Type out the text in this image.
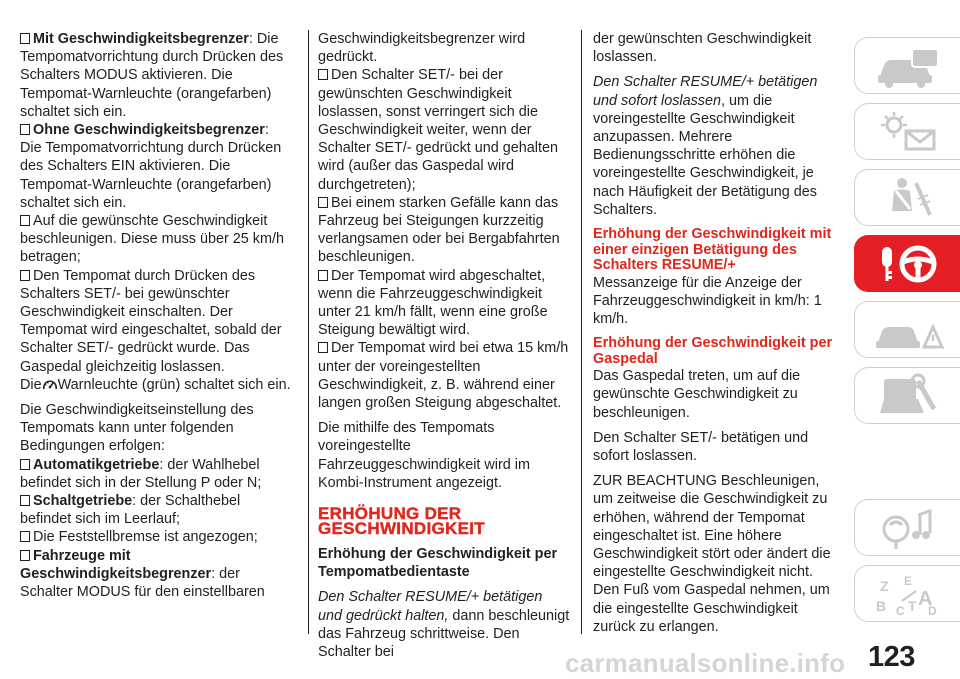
Mit Geschwindigkeitsbegrenzer: Die Tempomatvorrichtung durch Drücken des Schalters MODUS aktivieren. Die Tempomat-Warnleuchte (orangefarben) schaltet sich ein.

Ohne Geschwindigkeitsbegrenzer: Die Tempomatvorrichtung durch Drücken des Schalters EIN aktivieren. Die Tempomat-Warnleuchte (orangefarben) schaltet sich ein.

Auf die gewünschte Geschwindigkeit beschleunigen. Diese muss über 25 km/h betragen;

Den Tempomat durch Drücken des Schalters SET/- bei gewünschter Geschwindigkeit einschalten. Der Tempomat wird eingeschaltet, sobald der Schalter SET/- gedrückt wurde. Das Gaspedal gleichzeitig loslassen.

Die Warnleuchte (grün) schaltet sich ein.

Die Geschwindigkeitseinstellung des Tempomats kann unter folgenden Bedingungen erfolgen:

Automatikgetriebe: der Wahlhebel befindet sich in der Stellung P oder N;

Schaltgetriebe: der Schalthebel befindet sich im Leerlauf;

Die Feststellbremse ist angezogen;

Fahrzeuge mit Geschwindigkeitsbegrenzer: der Schalter MODUS für den einstellbaren

Geschwindigkeitsbegrenzer wird gedrückt.

Den Schalter SET/- bei der gewünschten Geschwindigkeit loslassen, sonst verringert sich die Geschwindigkeit weiter, wenn der Schalter SET/- gedrückt und gehalten wird (außer das Gaspedal wird durchgetreten);

Bei einem starken Gefälle kann das Fahrzeug bei Steigungen kurzzeitig verlangsamen oder bei Bergabfahrten beschleunigen.

Der Tempomat wird abgeschaltet, wenn die Fahrzeuggeschwindigkeit unter 21 km/h fällt, wenn eine große Steigung bewältigt wird.

Der Tempomat wird bei etwa 15 km/h unter der voreingestellten Geschwindigkeit, z. B. während einer langen großen Steigung abgeschaltet.

Die mithilfe des Tempomats voreingestellte Fahrzeuggeschwindigkeit wird im Kombi-Instrument angezeigt.

ERHÖHUNG DER GESCHWINDIGKEIT

Erhöhung der Geschwindigkeit per Tempomatbedientaste

Den Schalter RESUME/+ betätigen und gedrückt halten, dann beschleunigt das Fahrzeug schrittweise. Den Schalter bei

der gewünschten Geschwindigkeit loslassen.

Den Schalter RESUME/+ betätigen und sofort loslassen, um die voreingestellte Geschwindigkeit anzupassen. Mehrere Bedienungsschritte erhöhen die voreingestellte Geschwindigkeit, je nach Häufigkeit der Betätigung des Schalters.

Erhöhung der Geschwindigkeit mit einer einzigen Betätigung des Schalters RESUME/+

Messanzeige für die Anzeige der Fahrzeuggeschwindigkeit in km/h: 1 km/h.

Erhöhung der Geschwindigkeit per Gaspedal

Das Gaspedal treten, um auf die gewünschte Geschwindigkeit zu beschleunigen.

Den Schalter SET/- betätigen und sofort loslassen.

ZUR BEACHTUNG Beschleunigen, um zeitweise die Geschwindigkeit zu erhöhen, während der Tempomat eingeschaltet ist. Eine höhere Geschwindigkeit stört oder ändert die eingestellte Geschwindigkeit nicht. Den Fuß vom Gaspedal nehmen, um die eingestellte Geschwindigkeit zurück zu erlangen.

Z E
B C T A
D
123
carmanualsonline.info
